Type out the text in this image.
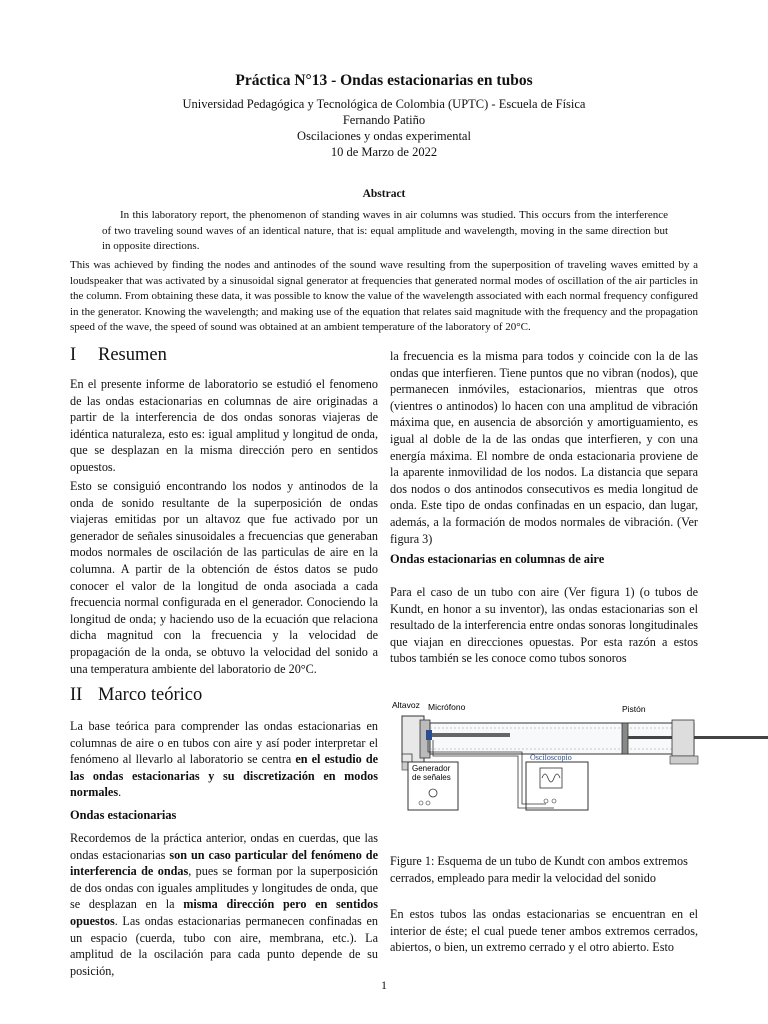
Práctica N°13 - Ondas estacionarias en tubos
Universidad Pedagógica y Tecnológica de Colombia (UPTC) - Escuela de Física
Fernando Patiño
Oscilaciones y ondas experimental
10 de Marzo de 2022
Abstract
In this laboratory report, the phenomenon of standing waves in air columns was studied. This occurs from the interference of two traveling sound waves of an identical nature, that is: equal amplitude and wavelength, moving in the same direction but in opposite directions.
This was achieved by finding the nodes and antinodes of the sound wave resulting from the superposition of traveling waves emitted by a loudspeaker that was activated by a sinusoidal signal generator at frequencies that generated normal modes of oscillation of the air particles in the column. From obtaining these data, it was possible to know the value of the wavelength associated with each normal frequency configured in the generator. Knowing the wavelength; and making use of the equation that relates said magnitude with the frequency and the propagation speed of the wave, the speed of sound was obtained at an ambient temperature of the laboratory of 20°C.
I Resumen
En el presente informe de laboratorio se estudió el fenomeno de las ondas estacionarias en columnas de aire originadas a partir de la interferencia de dos ondas sonoras viajeras de idéntica naturaleza, esto es: igual amplitud y longitud de onda, que se desplazan en la misma dirección pero en sentidos opuestos.
Esto se consiguió encontrando los nodos y antinodos de la onda de sonido resultante de la superposición de ondas viajeras emitidas por un altavoz que fue activado por un generador de señales sinusoidales a frecuencias que generaban modos normales de oscilación de las particulas de aire en la columna. A partir de la obtención de éstos datos se pudo conocer el valor de la longitud de onda asociada a cada frecuencia normal configurada en el generador. Conociendo la longitud de onda; y haciendo uso de la ecuación que relaciona dicha magnitud con la frecuencia y la velocidad de propagación de la onda, se obtuvo la velocidad del sonido a una temperatura ambiente del laboratorio de 20°C.
II Marco teórico
La base teórica para comprender las ondas estacionarias en columnas de aire o en tubos con aire y así poder interpretar el fenómeno al llevarlo al laboratorio se centra en el estudio de las ondas estacionarias y su discretización en modos normales.
Ondas estacionarias
Recordemos de la práctica anterior, ondas en cuerdas, que las ondas estacionarias son un caso particular del fenómeno de interferencia de ondas, pues se forman por la superposición de dos ondas con iguales amplitudes y longitudes de onda, que se desplazan en la misma dirección pero en sentidos opuestos. Las ondas estacionarias permanecen confinadas en un espacio (cuerda, tubo con aire, membrana, etc.). La amplitud de la oscilación para cada punto depende de su posición,
la frecuencia es la misma para todos y coincide con la de las ondas que interfieren. Tiene puntos que no vibran (nodos), que permanecen inmóviles, estacionarios, mientras que otros (vientres o antinodos) lo hacen con una amplitud de vibración máxima que, en ausencia de absorción y amortiguamiento, es igual al doble de la de las ondas que interfieren, y con una energía máxima. El nombre de onda estacionaria proviene de la aparente inmovilidad de los nodos. La distancia que separa dos nodos o dos antinodos consecutivos es media longitud de onda. Este tipo de ondas confinadas en un espacio, dan lugar, además, a la formación de modos normales de vibración. (Ver figura 3)
Ondas estacionarias en columnas de aire
Para el caso de un tubo con aire (Ver figura 1) (o tubos de Kundt, en honor a su inventor), las ondas estacionarias son el resultado de la interferencia entre ondas sonoras longitudinales que viajan en direcciones opuestas. Por esta razón a estos tubos también se les conoce como tubos sonoros
Generador
de señales
Osciloscopio
Altavoz Micrófono	Pistón
Figure 1: Esquema de un tubo de Kundt con ambos extremos cerrados, empleado para medir la velocidad del sonido
En estos tubos las ondas estacionarias se encuentran en el interior de éste; el cual puede tener ambos extremos cerrados, abiertos, o bien, un extremo cerrado y el otro abierto. Esto
1
